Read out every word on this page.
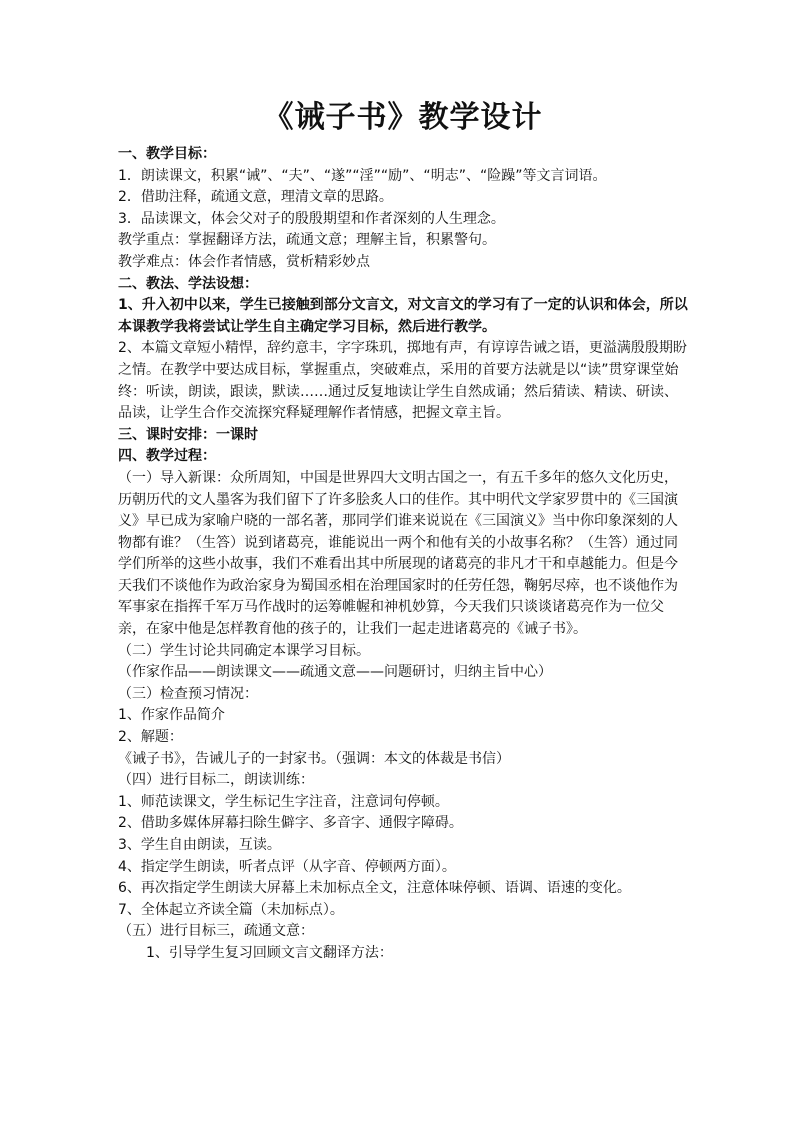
《诫子书》教学设计

一、教学目标：

1．朗读课文，积累“诫”、“夫”、“遂”“淫”“励”、“明志”、“险躁”等文言词语。

2．借助注释，疏通文意，理清文章的思路。

3．品读课文，体会父对子的殷殷期望和作者深刻的人生理念。

教学重点：掌握翻译方法，疏通文意；理解主旨，积累警句。

教学难点：体会作者情感，赏析精彩妙点

二、教法、学法设想：

1、升入初中以来，学生已接触到部分文言文，对文言文的学习有了一定的认识和体会，所以本课教学我将尝试让学生自主确定学习目标，然后进行教学。

2、本篇文章短小精悍，辞约意丰，字字珠玑，掷地有声，有谆谆告诫之语，更溢满殷殷期盼之情。在教学中要达成目标，掌握重点，突破难点，采用的首要方法就是以“读”贯穿课堂始终：听读，朗读，跟读，默读……通过反复地读让学生自然成诵；然后猜读、精读、研读、品读，让学生合作交流探究释疑理解作者情感，把握文章主旨。

三、课时安排：一课时

四、教学过程：

（一）导入新课：众所周知，中国是世界四大文明古国之一，有五千多年的悠久文化历史，历朝历代的文人墨客为我们留下了许多脍炙人口的佳作。其中明代文学家罗贯中的《三国演义》早已成为家喻户晓的一部名著，那同学们谁来说说在《三国演义》当中你印象深刻的人物都有谁？（生答）说到诸葛亮，谁能说出一两个和他有关的小故事名称？（生答）通过同学们所举的这些小故事，我们不难看出其中所展现的诸葛亮的非凡才干和卓越能力。但是今天我们不谈他作为政治家身为蜀国丞相在治理国家时的任劳任怨，鞠躬尽瘁，也不谈他作为军事家在指挥千军万马作战时的运筹帷幄和神机妙算，今天我们只谈谈诸葛亮作为一位父亲，在家中他是怎样教育他的孩子的，让我们一起走进诸葛亮的《诫子书》。

（二）学生讨论共同确定本课学习目标。

（作家作品——朗读课文——疏通文意——问题研讨，归纳主旨中心）

（三）检查预习情况：

1、作家作品简介

2、解题：

《诫子书》，告诫儿子的一封家书。（强调：本文的体裁是书信）

（四）进行目标二，朗读训练：

1、师范读课文，学生标记生字注音，注意词句停顿。

2、借助多媒体屏幕扫除生僻字、多音字、通假字障碍。

3、学生自由朗读，互读。

4、指定学生朗读，听者点评（从字音、停顿两方面）。

6、再次指定学生朗读大屏幕上未加标点全文，注意体味停顿、语调、语速的变化。

7、全体起立齐读全篇（未加标点）。

（五）进行目标三，疏通文意：

1、引导学生复习回顾文言文翻译方法：
